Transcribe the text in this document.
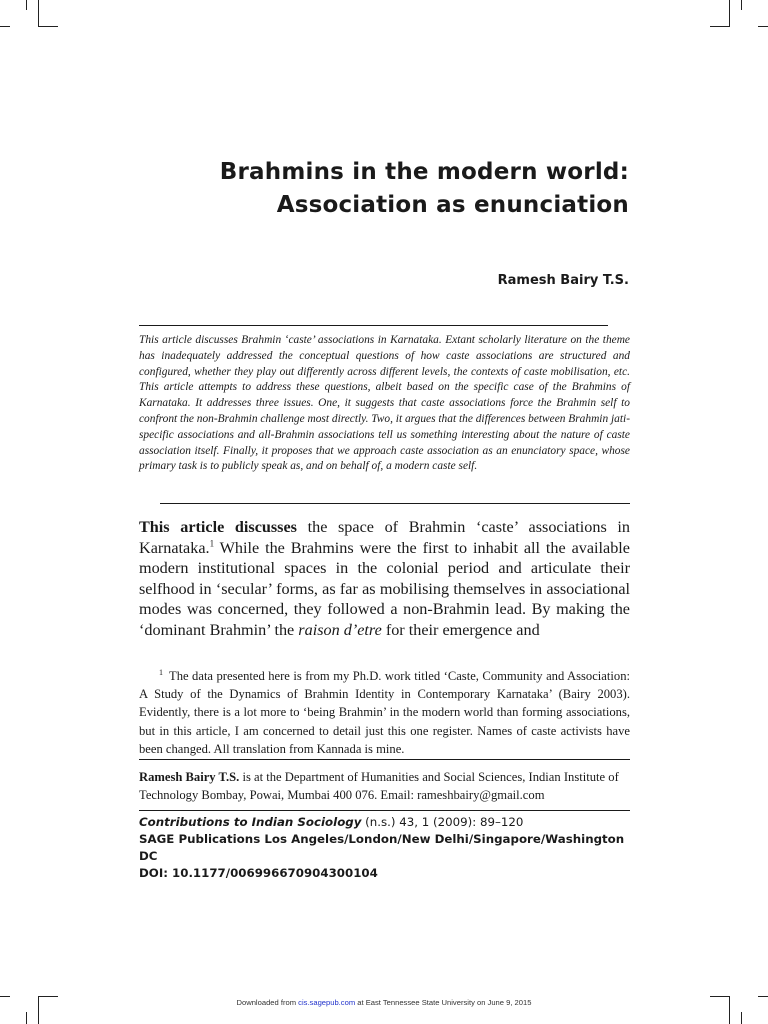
Brahmins in the modern world:
Association as enunciation
Ramesh Bairy T.S.
This article discusses Brahmin ‘caste’ associations in Karnataka. Extant scholarly literature on the theme has inadequately addressed the conceptual questions of how caste associations are structured and configured, whether they play out differently across different levels, the contexts of caste mobilisation, etc. This article attempts to address these questions, albeit based on the specific case of the Brahmins of Karnataka. It addresses three issues. One, it suggests that caste associations force the Brahmin self to confront the non-Brahmin challenge most directly. Two, it argues that the differences between Brahmin jati-specific associations and all-Brahmin associations tell us something interesting about the nature of caste association itself. Finally, it proposes that we approach caste association as an enunciatory space, whose primary task is to publicly speak as, and on behalf of, a modern caste self.
This article discusses the space of Brahmin ‘caste’ associations in Karnataka.$^1$ While the Brahmins were the first to inhabit all the available modern institutional spaces in the colonial period and articulate their selfhood in ‘secular’ forms, as far as mobilising themselves in associational modes was concerned, they followed a non-Brahmin lead. By making the ‘dominant Brahmin’ the raison d’etre for their emergence and
$^1$ The data presented here is from my Ph.D. work titled ‘Caste, Community and Association: A Study of the Dynamics of Brahmin Identity in Contemporary Karnataka’ (Bairy 2003). Evidently, there is a lot more to ‘being Brahmin’ in the modern world than forming associations, but in this article, I am concerned to detail just this one register. Names of caste activists have been changed. All translation from Kannada is mine.
Ramesh Bairy T.S. is at the Department of Humanities and Social Sciences, Indian Institute of Technology Bombay, Powai, Mumbai 400 076. Email: rameshbairy@gmail.com
Contributions to Indian Sociology (n.s.) 43, 1 (2009): 89–120
SAGE Publications Los Angeles/London/New Delhi/Singapore/Washington DC
DOI: 10.1177/006996670904300104
Downloaded from cis.sagepub.com at East Tennessee State University on June 9, 2015
